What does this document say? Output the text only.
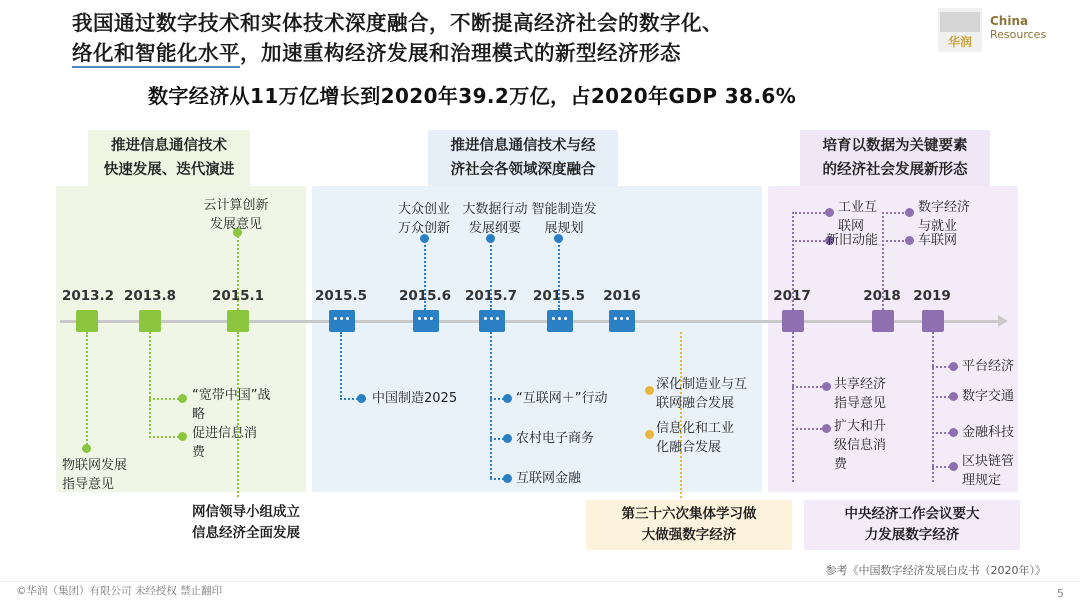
我国通过数字技术和实体技术深度融合，不断提高经济社会的数字化、
络化和智能化水平，加速重构经济发展和治理模式的新型经济形态
数字经济从11万亿增长到2020年39.2万亿，占2020年GDP 38.6%
华润
China
Resources
推进信息通信技术
快速发展、迭代演进
推进信息通信技术与经
济社会各领域深度融合
培育以数据为关键要素
的经济社会发展新形态
2013.2 2013.8	2015.1
云计算创新
发展意见
物联网发展
指导意见
“宽带中国”战
略
促进信息消
费
网信领导小组成立
信息经济全面发展
2015.5	2015.6	2015.7	2015.5	2016
大众创业
万众创新
大数据行动
发展纲要
智能制造发
展规划
中国制造2025	“互联网＋”行动
农村电子商务
互联网金融
深化制造业与互
联网融合发展
信息化和工业
化融合发展
第三十六次集体学习做
大做强数字经济
2017	2018 2019
工业互
联网
新旧动能
数字经济
与就业
车联网
共享经济
指导意见
扩大和升
级信息消
费
平台经济
数字交通
金融科技
区块链管
理规定
中央经济工作会议要大
力发展数字经济
参考《中国数字经济发展白皮书（2020年）》
©华润（集团）有限公司 未经授权 禁止翻印	5
